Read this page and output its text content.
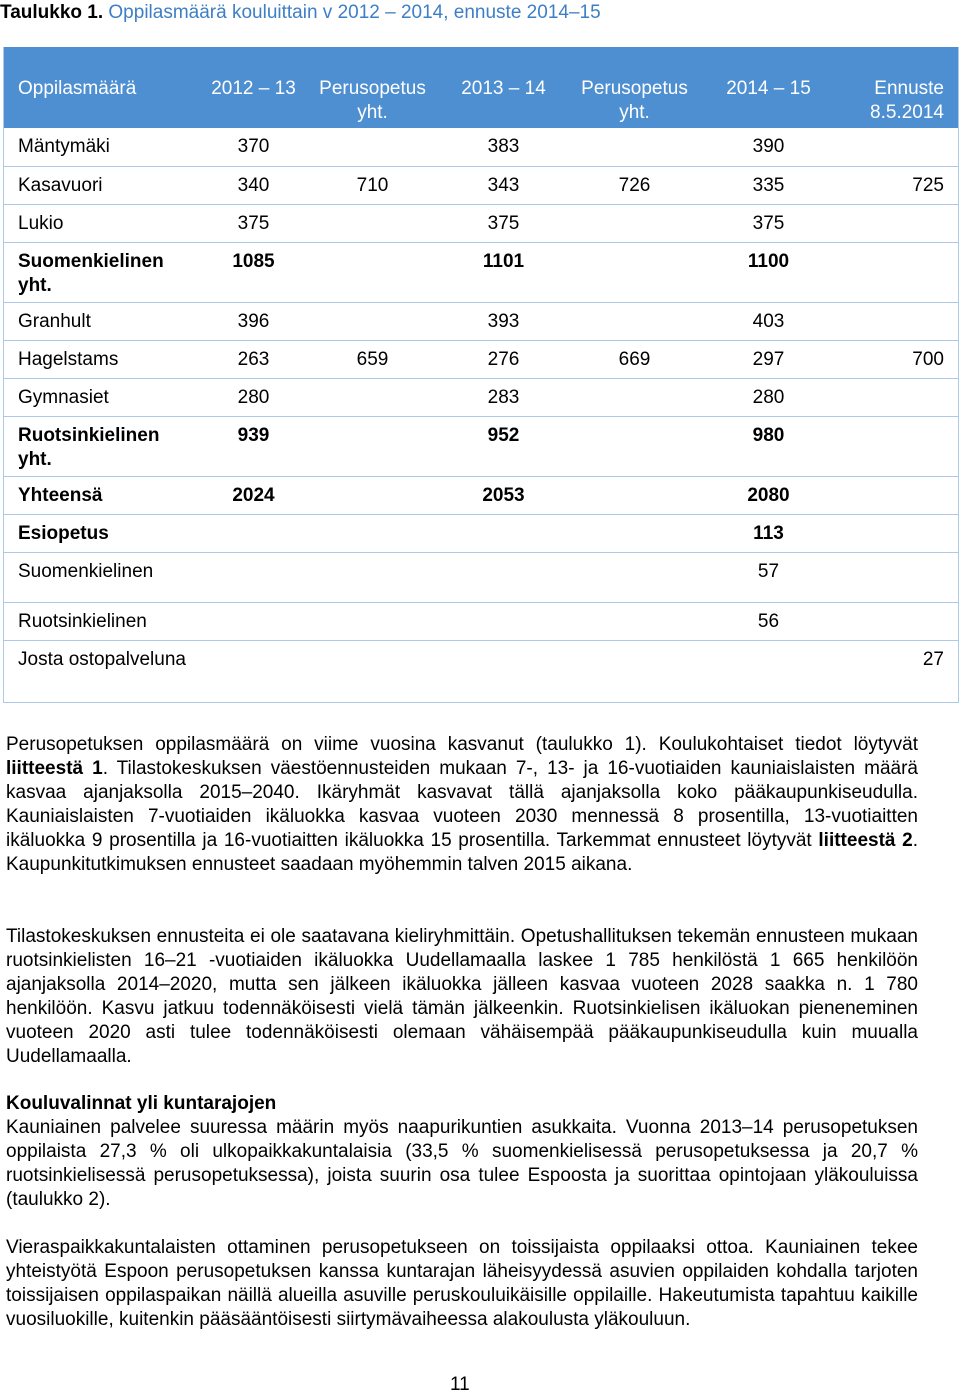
Taulukko 1. Oppilasmäärä kouluittain v 2012 – 2014, ennuste 2014–15
Oppilasmäärä	2012 – 13	Perusopetus yht.	2013 – 14	Perusopetus yht.	2014 – 15	Ennuste 8.5.2014
Mäntymäki	370		383		390	
Kasavuori	340	710	343	726	335	725
Lukio	375		375		375	
Suomenkielinen yht.	1085		1101		1100	
Granhult	396		393		403	
Hagelstams	263	659	276	669	297	700
Gymnasiet	280		283		280	
Ruotsinkielinen yht.	939		952		980	
Yhteensä	2024		2053		2080	
Esiopetus					113	
Suomenkielinen					57	
Ruotsinkielinen					56	
Josta ostopalveluna						27

Perusopetuksen oppilasmäärä on viime vuosina kasvanut (taulukko 1). Koulukohtaiset tiedot löytyvät liitteestä 1. Tilastokeskuksen väestöennusteiden mukaan 7-, 13- ja 16-vuotiaiden kauniaislaisten määrä kasvaa ajanjaksolla 2015–2040. Ikäryhmät kasvavat tällä ajanjaksolla koko pääkaupunkiseudulla. Kauniaislaisten 7-vuotiaiden ikäluokka kasvaa vuoteen 2030 mennessä 8 prosentilla, 13-vuotiaitten ikäluokka 9 prosentilla ja 16-vuotiaitten ikäluokka 15 prosentilla. Tarkemmat ennusteet löytyvät liitteestä 2. Kaupunkitutkimuksen ennusteet saadaan myöhemmin talven 2015 aikana.

Tilastokeskuksen ennusteita ei ole saatavana kieliryhmittäin. Opetushallituksen tekemän ennusteen mukaan ruotsinkielisten 16–21 -vuotiaiden ikäluokka Uudellamaalla laskee 1 785 henkilöstä 1 665 henkilöön ajanjaksolla 2014–2020, mutta sen jälkeen ikäluokka jälleen kasvaa vuoteen 2028 saakka n. 1 780 henkilöön. Kasvu jatkuu todennäköisesti vielä tämän jälkeenkin. Ruotsinkielisen ikäluokan pieneneminen vuoteen 2020 asti tulee todennäköisesti olemaan vähäisempää pääkaupunkiseudulla kuin muualla Uudellamaalla.

Kouluvalinnat yli kuntarajojen

Kauniainen palvelee suuressa määrin myös naapurikuntien asukkaita. Vuonna 2013–14 perusopetuksen oppilaista 27,3 % oli ulkopaikkakuntalaisia (33,5 % suomenkielisessä perusopetuksessa ja 20,7 % ruotsinkielisessä perusopetuksessa), joista suurin osa tulee Espoosta ja suorittaa opintojaan yläkouluissa (taulukko 2).

Vieraspaikkakuntalaisten ottaminen perusopetukseen on toissijaista oppilaaksi ottoa. Kauniainen tekee yhteistyötä Espoon perusopetuksen kanssa kuntarajan läheisyydessä asuvien oppilaiden kohdalla tarjoten toissijaisen oppilaspaikan näillä alueilla asuville peruskouluikäisille oppilaille. Hakeutumista tapahtuu kaikille vuosiluokille, kuitenkin pääsääntöisesti siirtymävaiheessa alakoulusta yläkouluun.

11
